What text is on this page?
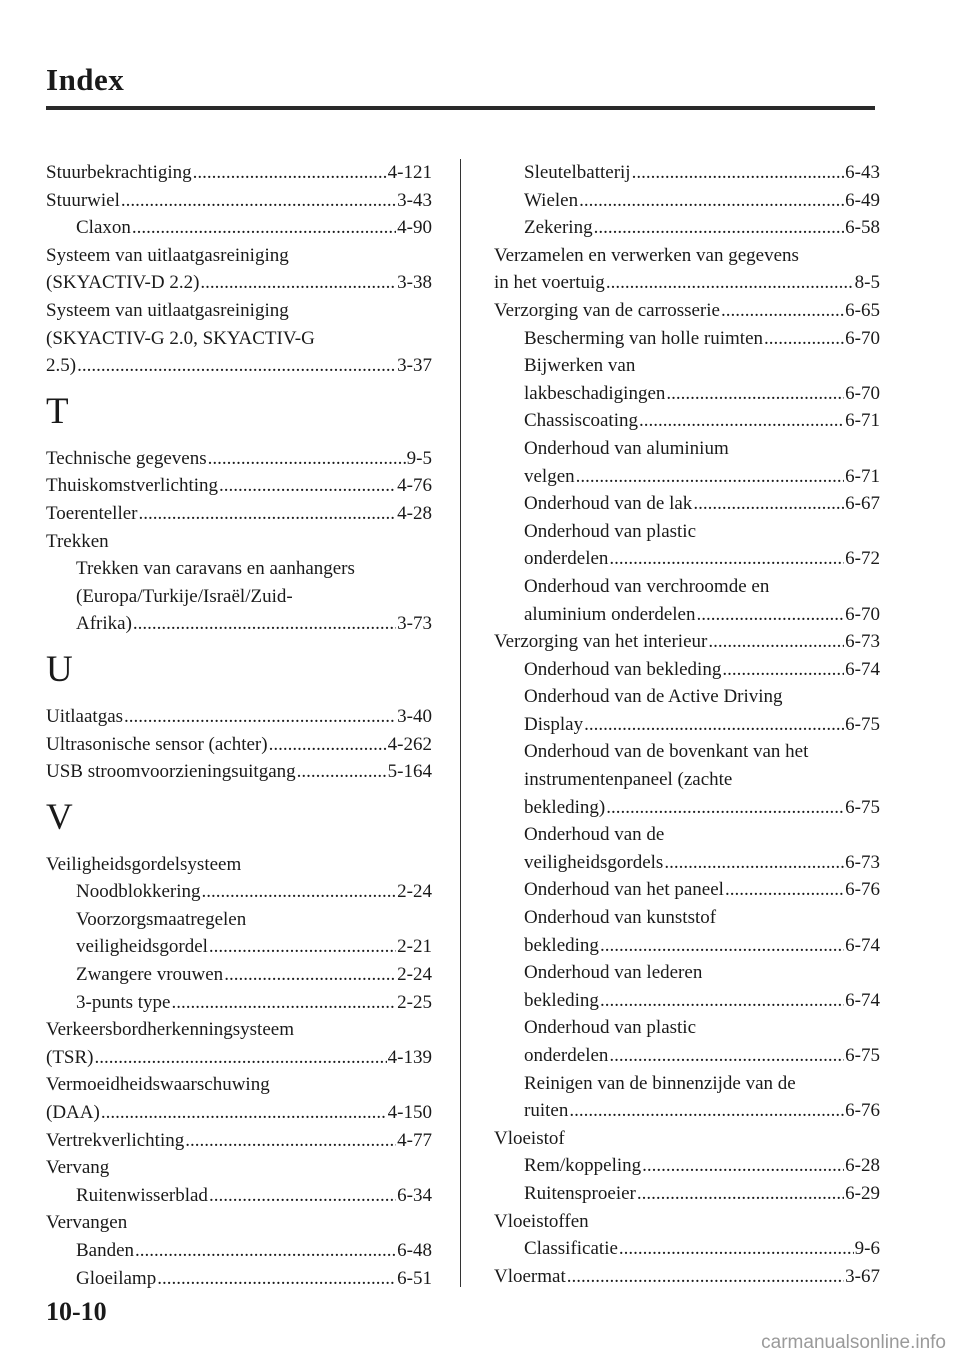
Index
Stuurbekrachtiging .....	4-121
Stuurwiel .....	3-43
Claxon .....	4-90
Systeem van uitlaatgasreiniging
(SKYACTIV-D 2.2) .....	3-38
Systeem van uitlaatgasreiniging
(SKYACTIV-G 2.0, SKYACTIV-G
2.5) .....	3-37
T
Technische gegevens .....	9-5
Thuiskomstverlichting .....	4-76
Toerenteller .....	4-28
Trekken
Trekken van caravans en aanhangers
(Europa/Turkije/Israël/Zuid-
Afrika) .....	3-73
U
Uitlaatgas .....	3-40
Ultrasonische sensor (achter) .....	4-262
USB stroomvoorzieningsuitgang .....	5-164
V
Veiligheidsgordelsysteem
Noodblokkering .....	2-24
Voorzorgsmaatregelen
veiligheidsgordel .....	2-21
Zwangere vrouwen .....	2-24
3-punts type .....	2-25
Verkeersbordherkenningsysteem
(TSR) .....	4-139
Vermoeidheidswaarschuwing
(DAA) .....	4-150
Vertrekverlichting .....	4-77
Vervang
Ruitenwisserblad .....	6-34
Vervangen
Banden .....	6-48
Gloeilamp .....	6-51
Sleutelbatterij .....	6-43
Wielen .....	6-49
Zekering .....	6-58
Verzamelen en verwerken van gegevens
in het voertuig .....	8-5
Verzorging van de carrosserie .....	6-65
Bescherming van holle ruimten .....	6-70
Bijwerken van
lakbeschadigingen .....	6-70
Chassiscoating .....	6-71
Onderhoud van aluminium
velgen .....	6-71
Onderhoud van de lak .....	6-67
Onderhoud van plastic
onderdelen .....	6-72
Onderhoud van verchroomde en
aluminium onderdelen .....	6-70
Verzorging van het interieur .....	6-73
Onderhoud van bekleding .....	6-74
Onderhoud van de Active Driving
Display .....	6-75
Onderhoud van de bovenkant van het
instrumentenpaneel (zachte
bekleding) .....	6-75
Onderhoud van de
veiligheidsgordels .....	6-73
Onderhoud van het paneel .....	6-76
Onderhoud van kunststof
bekleding .....	6-74
Onderhoud van lederen
bekleding .....	6-74
Onderhoud van plastic
onderdelen .....	6-75
Reinigen van de binnenzijde van de
ruiten .....	6-76
Vloeistof
Rem/koppeling .....	6-28
Ruitensproeier .....	6-29
Vloeistoffen
Classificatie .....	9-6
Vloermat .....	3-67
10-10
carmanualsonline.info
